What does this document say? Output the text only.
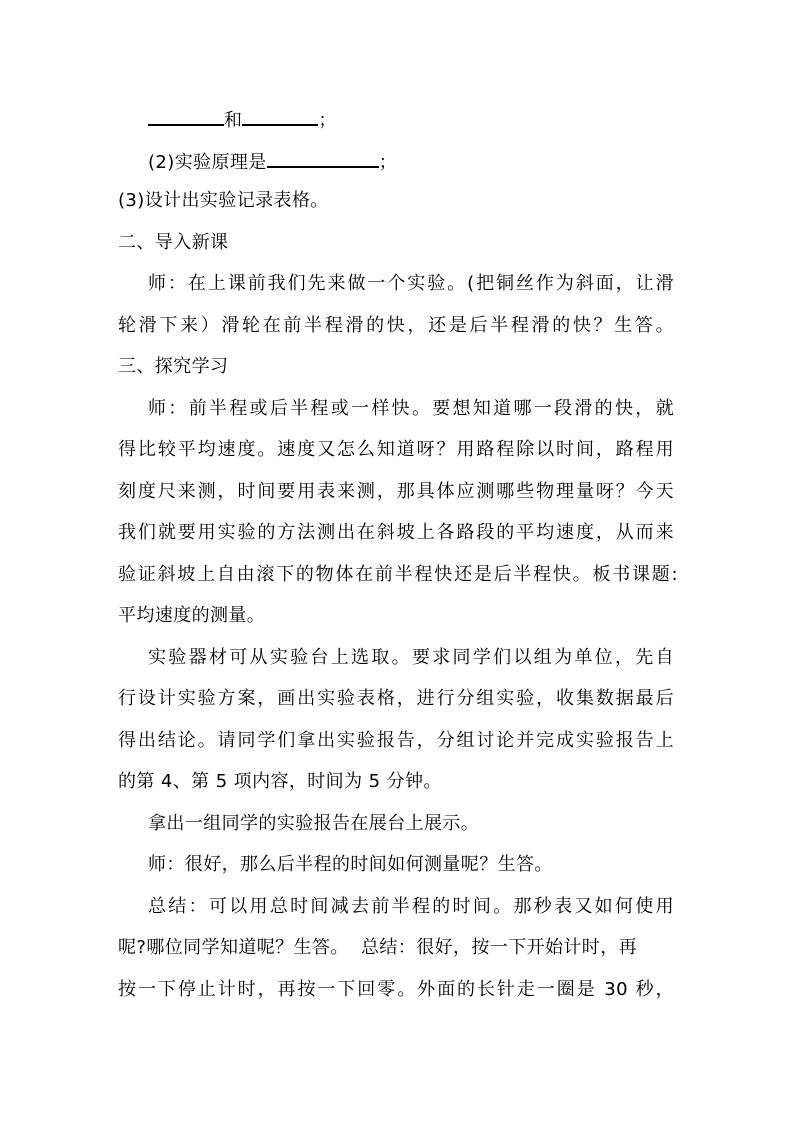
和	；
(2)实验原理是	；
(3)设计出实验记录表格。
二、导入新课
师：在上课前我们先来做一个实验。(把铜丝作为斜面，让滑
轮滑下来）滑轮在前半程滑的快，还是后半程滑的快？生答。
三、探究学习
师：前半程或后半程或一样快。要想知道哪一段滑的快，就
得比较平均速度。速度又怎么知道呀？用路程除以时间，路程用
刻度尺来测，时间要用表来测，那具体应测哪些物理量呀？今天
我们就要用实验的方法测出在斜坡上各路段的平均速度，从而来
验证斜坡上自由滚下的物体在前半程快还是后半程快。板书课题:
平均速度的测量。
实验器材可从实验台上选取。要求同学们以组为单位，先自
行设计实验方案，画出实验表格，进行分组实验，收集数据最后
得出结论。请同学们拿出实验报告，分组讨论并完成实验报告上
的第 4、第 5 项内容，时间为 5 分钟。
拿出一组同学的实验报告在展台上展示。
师：很好，那么后半程的时间如何测量呢？生答。
总结：可以用总时间减去前半程的时间。那秒表又如何使用
呢?哪位同学知道呢？生答。  总结：很好，按一下开始计时，再
按一下停止计时，再按一下回零。外面的长针走一圈是 30 秒，
